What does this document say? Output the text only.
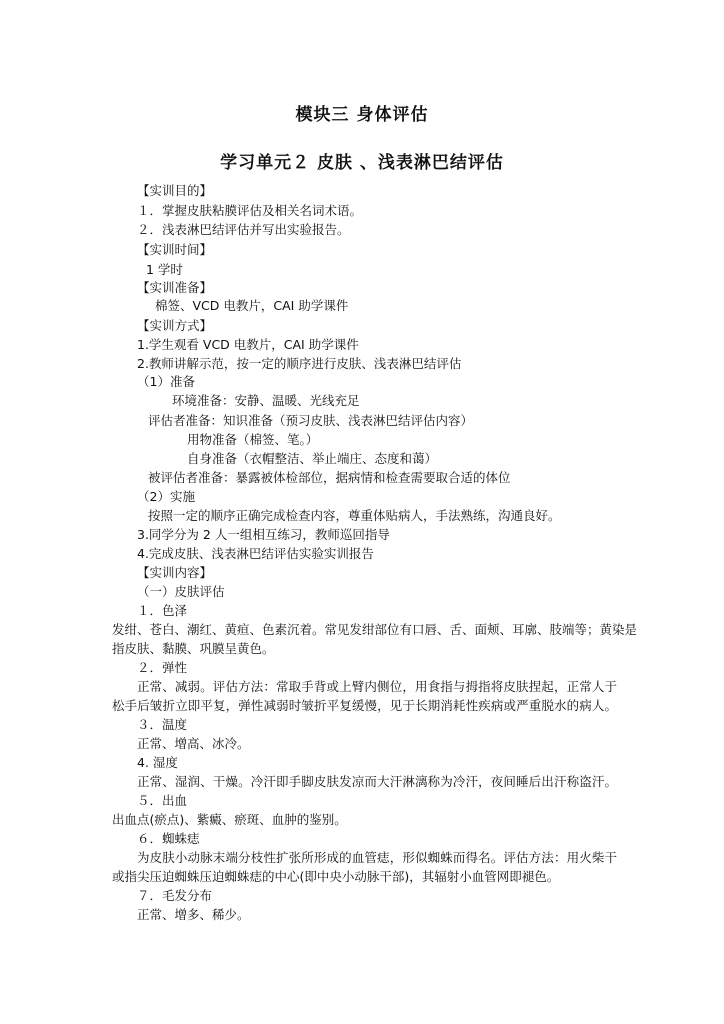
模块三 身体评估
学习单元２ 皮肤 、浅表淋巴结评估
【实训目的】
１．掌握皮肤粘膜评估及相关名词术语。
２．浅表淋巴结评估并写出实验报告。
【实训时间】
1 学时
【实训准备】
棉签、VCD 电教片，CAI 助学课件
【实训方式】
1.学生观看 VCD 电教片，CAI 助学课件
2.教师讲解示范，按一定的顺序进行皮肤、浅表淋巴结评估
（1）准备
环境准备：安静、温暖、光线充足
评估者准备：知识准备（预习皮肤、浅表淋巴结评估内容）
用物准备（棉签、笔。）
自身准备（衣帽整洁、举止端庄、态度和蔼）
被评估者准备：暴露被体检部位，据病情和检查需要取合适的体位
（2）实施
按照一定的顺序正确完成检查内容，尊重体贴病人，手法熟练，沟通良好。
3.同学分为 2 人一组相互练习，教师巡回指导
4.完成皮肤、浅表淋巴结评估实验实训报告
【实训内容】
（一）皮肤评估
１．色泽
发绀、苍白、潮红、黄疸、色素沉着。常见发绀部位有口唇、舌、面颊、耳廓、肢端等；黄染是
指皮肤、黏膜、巩膜呈黄色。
２．弹性
正常、减弱。评估方法：常取手背或上臂内侧位，用食指与拇指将皮肤捏起，正常人于
松手后皱折立即平复，弹性减弱时皱折平复缓慢，见于长期消耗性疾病或严重脱水的病人。
３．温度
正常、增高、冰冷。
4. 湿度
正常、湿润、干燥。冷汗即手脚皮肤发凉而大汗淋漓称为冷汗，夜间睡后出汗称盗汗。
５．出血
出血点(瘀点)、紫癜、瘀斑、血肿的鉴别。
６．蜘蛛痣
为皮肤小动脉末端分枝性扩张所形成的血管痣，形似蜘蛛而得名。评估方法：用火柴干
或指尖压迫蜘蛛压迫蜘蛛痣的中心(即中央小动脉干部)，其辐射小血管网即褪色。
７．毛发分布
正常、增多、稀少。
